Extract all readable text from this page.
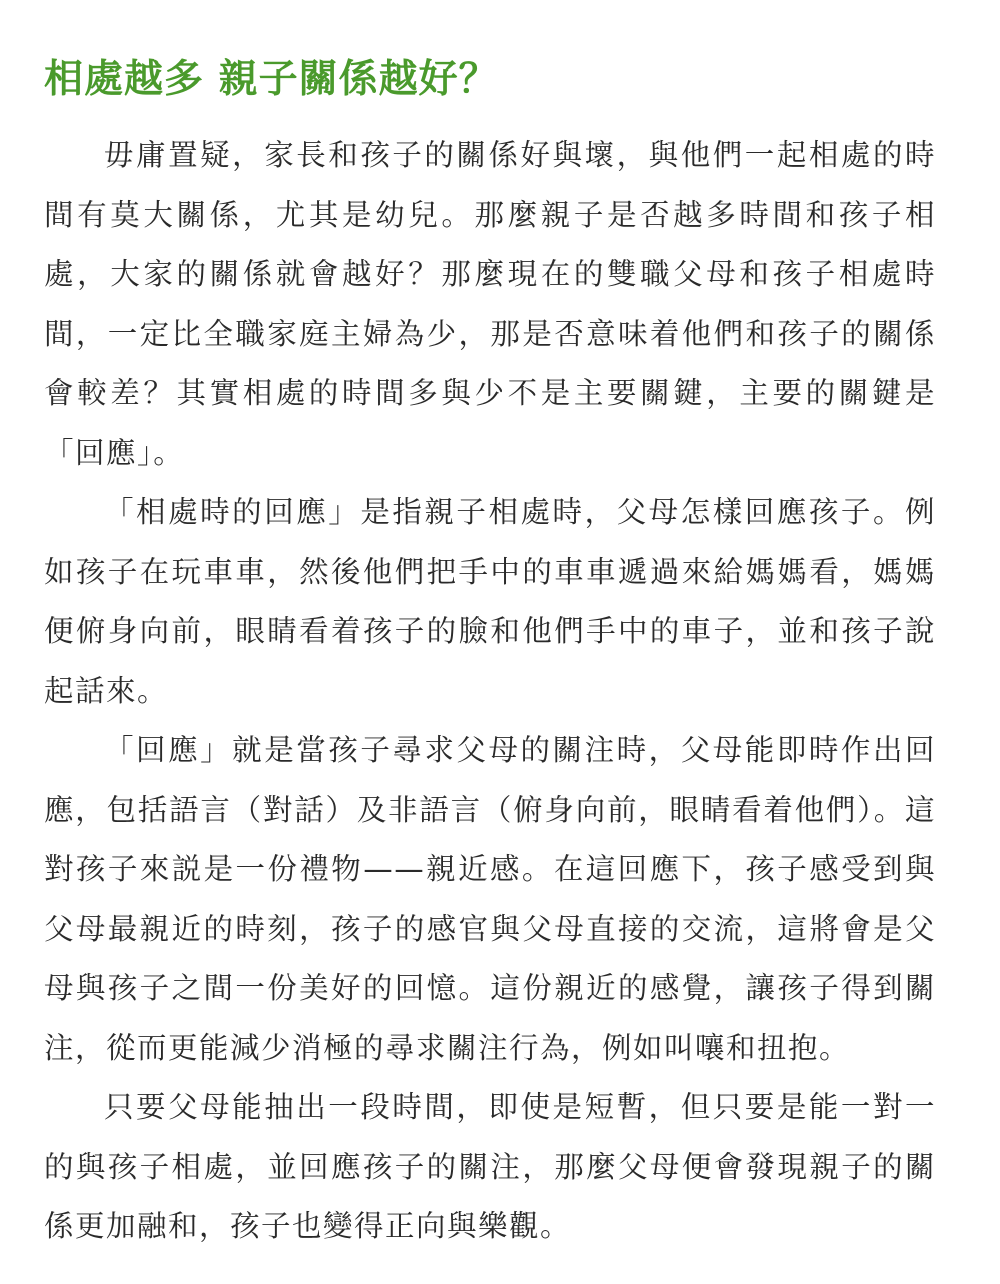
相處越多 親子關係越好？

毋庸置疑，家長和孩子的關係好與壞，與他們一起相處的時間有莫大關係，尤其是幼兒。那麼親子是否越多時間和孩子相處，大家的關係就會越好？那麼現在的雙職父母和孩子相處時間，一定比全職家庭主婦為少，那是否意味着他們和孩子的關係會較差？其實相處的時間多與少不是主要關鍵，主要的關鍵是「回應」。

「相處時的回應」是指親子相處時，父母怎樣回應孩子。例如孩子在玩車車，然後他們把手中的車車遞過來給媽媽看，媽媽便俯身向前，眼睛看着孩子的臉和他們手中的車子，並和孩子說起話來。

「回應」就是當孩子尋求父母的關注時，父母能即時作出回應，包括語言（對話）及非語言（俯身向前，眼睛看着他們）。這對孩子來説是一份禮物——親近感。在這回應下，孩子感受到與父母最親近的時刻，孩子的感官與父母直接的交流，這將會是父母與孩子之間一份美好的回憶。這份親近的感覺，讓孩子得到關注，從而更能減少消極的尋求關注行為，例如叫嚷和扭抱。

只要父母能抽出一段時間，即使是短暫，但只要是能一對一的與孩子相處，並回應孩子的關注，那麼父母便會發現親子的關係更加融和，孩子也變得正向與樂觀。
